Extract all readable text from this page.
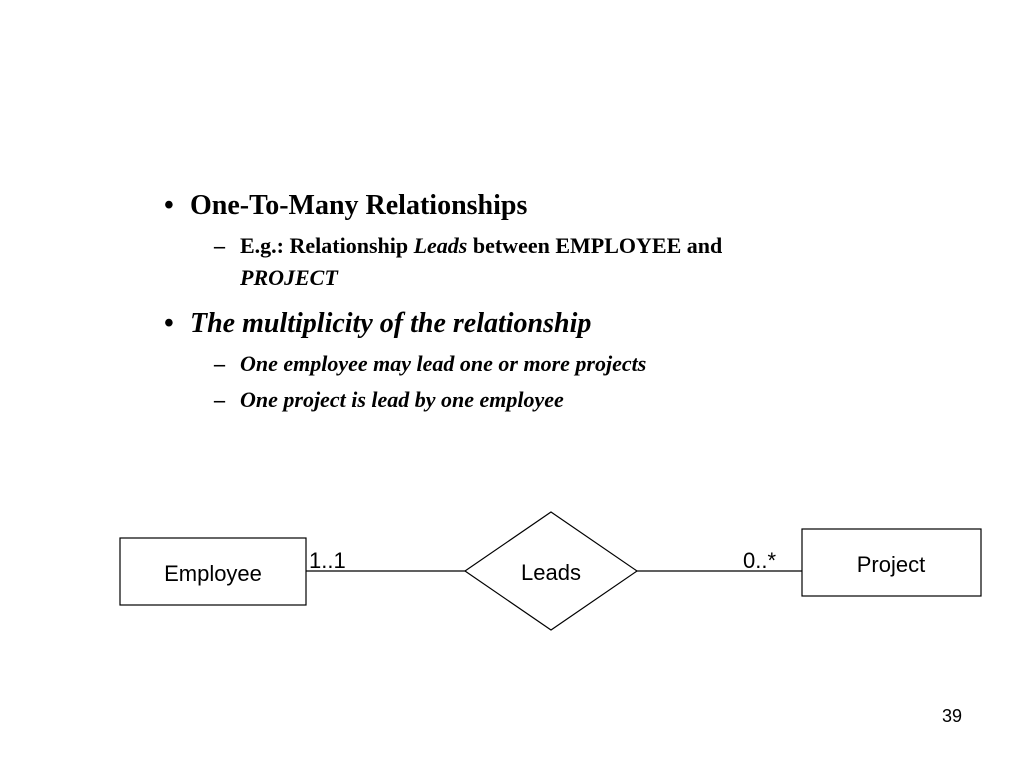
• One-To-Many Relationships
– E.g.: Relationship Leads between EMPLOYEE and
PROJECT
• The multiplicity of the relationship
– One employee may lead one or more projects
– One project is lead by one employee
Employee	Leads	Project
1..1	0..*
39
